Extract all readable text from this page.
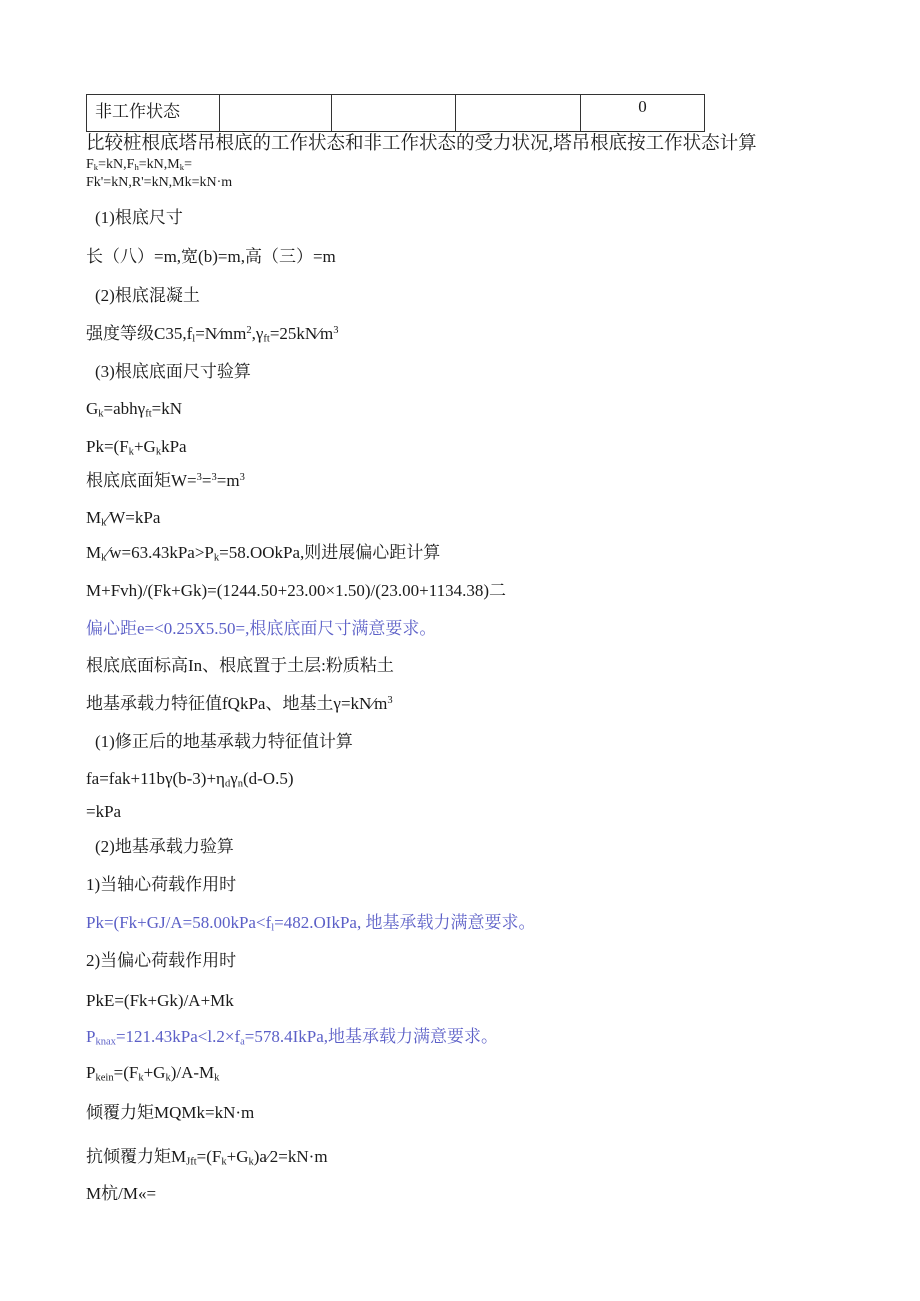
非工作状态				0
比较桩根底塔吊根底的工作状态和非工作状态的受力状况,塔吊根底按工作状态计算
$F_k=kN,F_h=kN,M_k=$
Fk'=kN,R'=kN,Mk=kN·m
(1)根底尺寸
长（八）=m,宽(b)=m,高（三）=m
(2)根底混凝土
强度等级$C35,f_l=N⁄mm^2,\gamma_{ft}=25kN⁄m^3$
(3)根底底面尺寸验算
$G_k=abh\gamma_{ft}=kN$
$Pk=(F_k+G_kkPa$
根底底面矩$W=^3=^3=m^3$
$M_k⁄W=kPa$
$M_k⁄w=63.43kPa>P_k=58.OOkPa$,则进展偏心距计算
M+Fvh)/(Fk+Gk)=(1244.50+23.00×1.50)/(23.00+1134.38)二
偏心距e=<0.25X5.50=,根底底面尺寸满意要求。
根底底面标高In、根底置于土层:粉质粘土
地基承载力特征值fQkPa、地基土$\gamma=kN⁄m^3$
(1)修正后的地基承载力特征值计算
$fa=fak+11b\gamma(b-3)+\eta_d\gamma_n(d-O.5)$
=kPa
(2)地基承载力验算
1)当轴心荷载作用时
$Pk=(Fk+GJ/A=58.00kPa<f_l=482.OIkPa$, 地基承载力满意要求。
2)当偏心荷载作用时
PkE=(Fk+Gk)/A+Mk
$P_{knax}=121.43kPa<l.2\times f_a=578.4IkPa$,地基承载力满意要求。
$P_{kein}=(F_k+G_k)/A-M_k$
倾覆力矩MQMk=kN·m
抗倾覆力矩$M_{Jft}=(F_k+G_k)a⁄2=kN\cdot m$
M杭/M«=
